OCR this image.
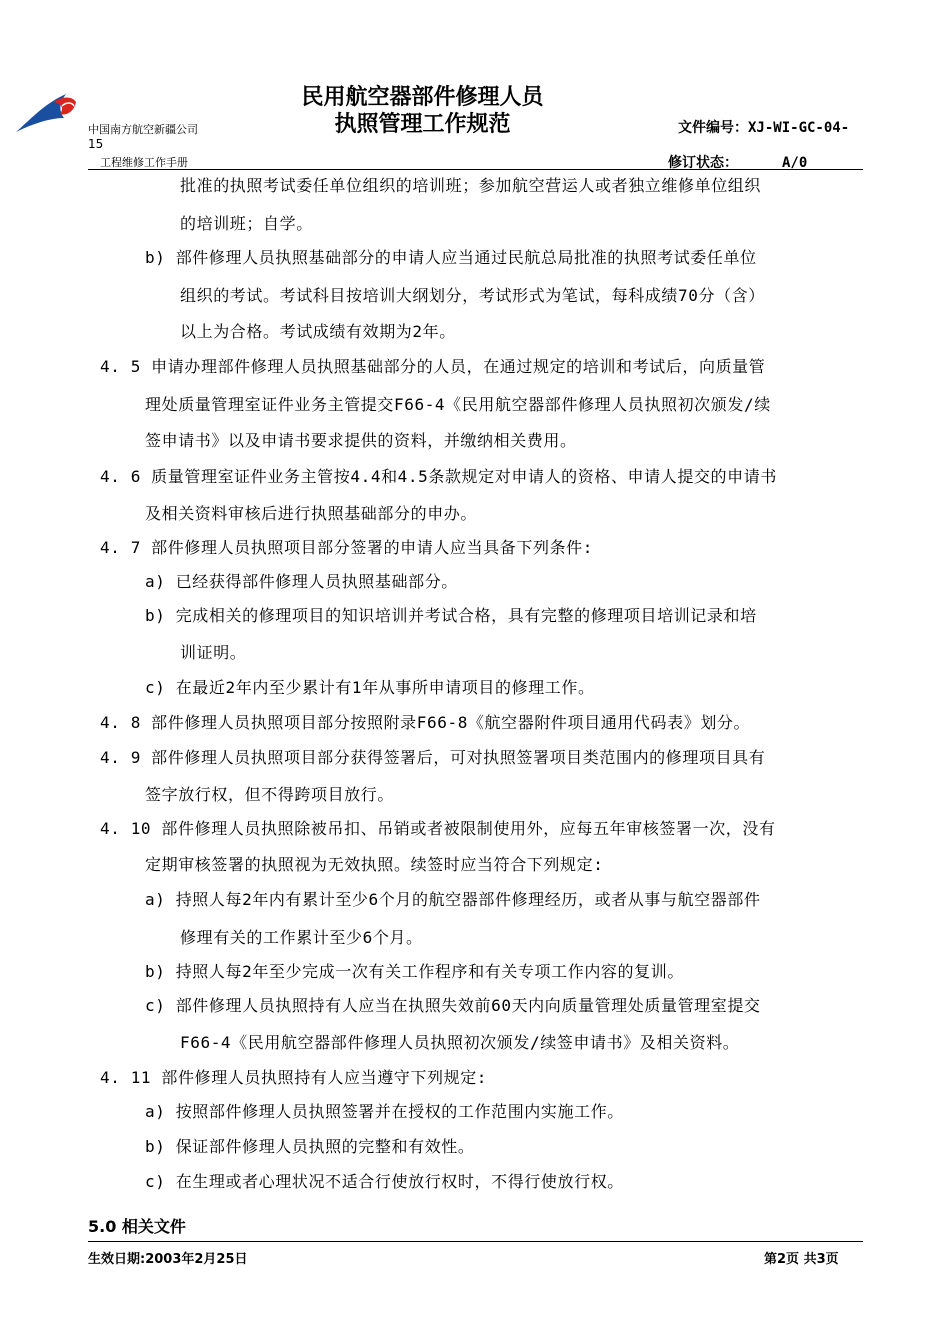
中国南方航空新疆公司
15
工程维修工作手册
民用航空器部件修理人员
执照管理工作规范	文件编号：XJ-WI-GC-04-
修订状态：	A/0
批准的执照考试委任单位组织的培训班；参加航空营运人或者独立维修单位组织
的培训班；自学。
b) 部件修理人员执照基础部分的申请人应当通过民航总局批准的执照考试委任单位
组织的考试。考试科目按培训大纲划分，考试形式为笔试，每科成绩70分（含）
以上为合格。考试成绩有效期为2年。
4. 5 申请办理部件修理人员执照基础部分的人员，在通过规定的培训和考试后，向质量管
理处质量管理室证件业务主管提交F66-4《民用航空器部件修理人员执照初次颁发/续
签申请书》以及申请书要求提供的资料，并缴纳相关费用。
4. 6 质量管理室证件业务主管按4.4和4.5条款规定对申请人的资格、申请人提交的申请书
及相关资料审核后进行执照基础部分的申办。
4. 7 部件修理人员执照项目部分签署的申请人应当具备下列条件:
a) 已经获得部件修理人员执照基础部分。
b) 完成相关的修理项目的知识培训并考试合格，具有完整的修理项目培训记录和培
训证明。
c) 在最近2年内至少累计有1年从事所申请项目的修理工作。
4. 8 部件修理人员执照项目部分按照附录F66-8《航空器附件项目通用代码表》划分。
4. 9 部件修理人员执照项目部分获得签署后，可对执照签署项目类范围内的修理项目具有
签字放行权，但不得跨项目放行。
4. 10 部件修理人员执照除被吊扣、吊销或者被限制使用外，应每五年审核签署一次，没有
定期审核签署的执照视为无效执照。续签时应当符合下列规定:
a) 持照人每2年内有累计至少6个月的航空器部件修理经历，或者从事与航空器部件
修理有关的工作累计至少6个月。
b) 持照人每2年至少完成一次有关工作程序和有关专项工作内容的复训。
c) 部件修理人员执照持有人应当在执照失效前60天内向质量管理处质量管理室提交
F66-4《民用航空器部件修理人员执照初次颁发/续签申请书》及相关资料。
4. 11 部件修理人员执照持有人应当遵守下列规定:
a) 按照部件修理人员执照签署并在授权的工作范围内实施工作。
b) 保证部件修理人员执照的完整和有效性。
c) 在生理或者心理状况不适合行使放行权时，不得行使放行权。
5.0 相关文件
生效日期:2003年2月25日	第2页 共3页
